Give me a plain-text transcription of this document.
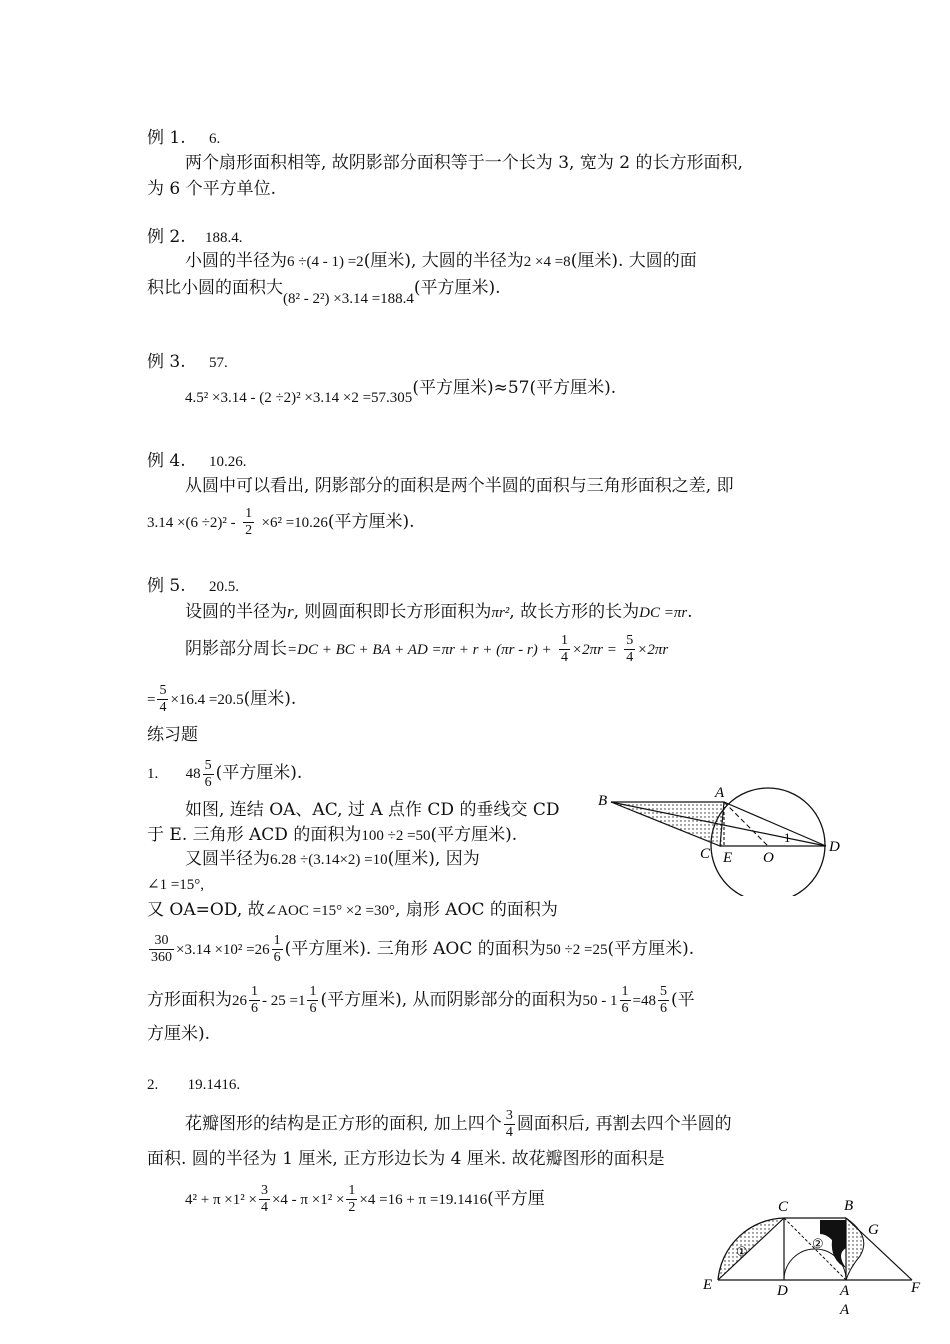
例 1. 6.
两个扇形面积相等, 故阴影部分面积等于一个长为 3, 宽为 2 的长方形面积,
为 6 个平方单位.
例 2. 188.4.
小圆的半径为6 ÷(4 - 1) =2(厘米), 大圆的半径为2 ×4 =8(厘米). 大圆的面
积比小圆的面积大(8² - 2²) ×3.14 =188.4(平方厘米).
例 3. 57.
4.5² ×3.14 - (2 ÷2)² ×3.14 ×2 =57.305(平方厘米)≈57(平方厘米).
例 4. 10.26.
从圆中可以看出, 阴影部分的面积是两个半圆的面积与三角形面积之差, 即
$3.14 \times(6 \div 2)^2 - \frac{1}{2} \times 6^2 =10.26$(平方厘米).
例 5. 20.5.
设圆的半径为r, 则圆面积即长方形面积为πr², 故长方形的长为DC =πr.
阴影部分周长=DC + BC + BA + AD $=\pi r + r + (\pi r - r) + \frac{1}{4} \times 2\pi r = \frac{5}{4} \times 2\pi r$
= $\frac{5}{4} \times 16.4 =20.5$(厘米).
练习题
1. $48 \frac{5}{6}$ (平方厘米).
如图, 连结 OA、AC, 过 A 点作 CD 的垂线交 CD
于 E. 三角形 ACD 的面积为100 ÷2 =50(平方厘米).
又圆半径为6.28 ÷(3.14×2) =10(厘米), 因为
∠1 =15°,
又 OA=OD, 故∠AOC =15° ×2 =30°, 扇形 AOC 的面积为
$\frac{30}{360} \times 3.14 \times 10^2 =26 \frac{1}{6}$ (平方厘米). 三角形 AOC 的面积为50 ÷2 =25(平方厘米).
方形面积为$26 \frac{1}{6} - 25 =1 \frac{1}{6}$ (平方厘米), 从而阴影部分的面积为$50 - 1 \frac{1}{6} =48 \frac{5}{6}$ (平
方厘米).
B	A
C E O
D
1
2. 19.1416.
花瓣图形的结构是正方形的面积, 加上四个 $\frac{3}{4}$ 圆面积后, 再割去四个半圆的
面积. 圆的半径为 1 厘米, 正方形边长为 4 厘米. 故花瓣图形的面积是
$4^2 + \pi \times 1^2 \times \frac{3}{4} \times 4 - \pi \times 1^2 \times \frac{1}{2} \times 4 =16 + \pi =19.1416$(平方厘
①
②
C	B
G
E	D	A
A
F
